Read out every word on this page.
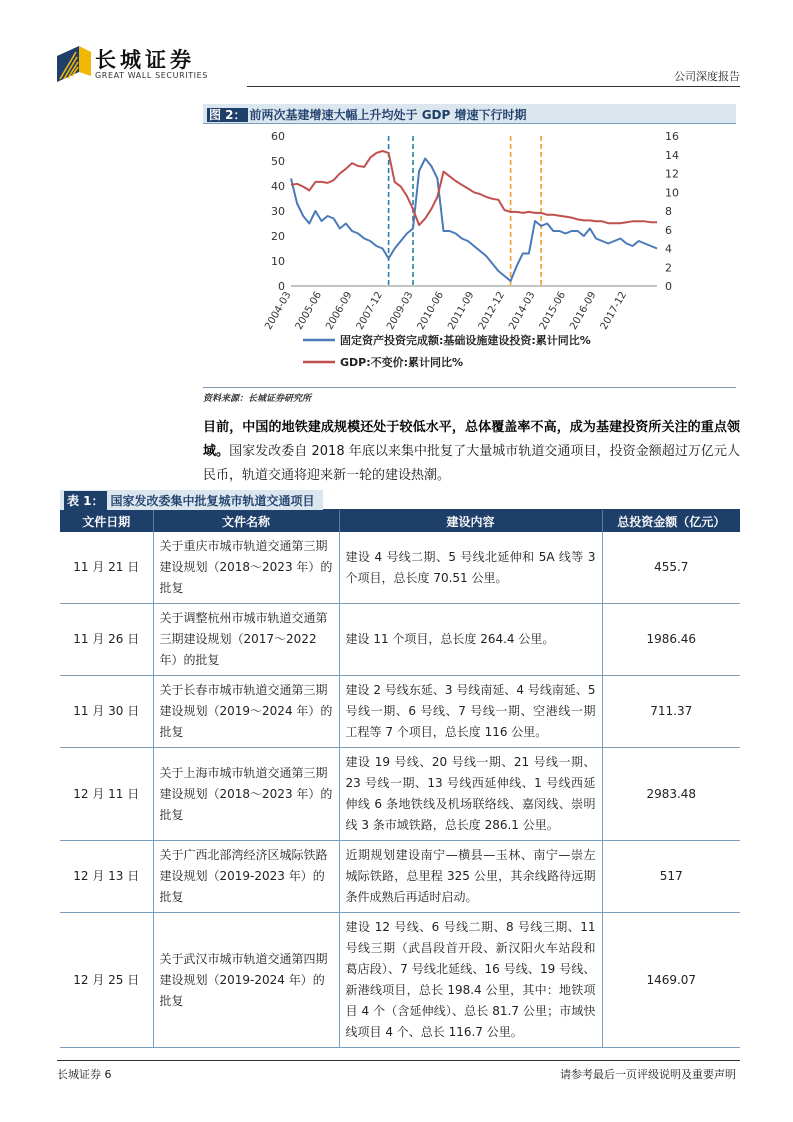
长城证券
GREAT WALL SECURITIES	公司深度报告
图 2： 前两次基建增速大幅上升均处于 GDP 增速下行时期
0
10
20
30
40
50
60
0
2
4
6
8
10
12
14
16
2004-03 2005-06 2006-09 2007-12 2009-03 2010-06 2011-09 2012-12 2014-03 2015-06 2016-09 2017-12
固定资产投资完成额:基础设施建设投资:累计同比%
GDP:不变价:累计同比%
资料来源：长城证券研究所
目前，中国的地铁建成规模还处于较低水平，总体覆盖率不高，成为基建投资所关注的重点领域。国家发改委自 2018 年底以来集中批复了大量城市轨道交通项目，投资金额超过万亿元人民币，轨道交通将迎来新一轮的建设热潮。
表 1： 国家发改委集中批复城市轨道交通项目
文件日期	文件名称	建设内容	总投资金额（亿元）
11 月 21 日	关于重庆市城市轨道交通第三期建设规划（2018～2023 年）的批复	建设 4 号线二期、5 号线北延伸和 5A 线等 3 个项目，总长度 70.51 公里。	455.7
11 月 26 日	关于调整杭州市城市轨道交通第三期建设规划（2017～2022 年）的批复	建设 11 个项目，总长度 264.4 公里。	1986.46
11 月 30 日	关于长春市城市轨道交通第三期建设规划（2019～2024 年）的批复	建设 2 号线东延、3 号线南延、4 号线南延、5 号线一期、6 号线、7 号线一期、空港线一期工程等 7 个项目，总长度 116 公里。	711.37
12 月 11 日	关于上海市城市轨道交通第三期建设规划（2018～2023 年）的批复	建设 19 号线、20 号线一期、21 号线一期、23 号线一期、13 号线西延伸线、1 号线西延伸线 6 条地铁线及机场联络线、嘉闵线、崇明线 3 条市域铁路，总长度 286.1 公里。	2983.48
12 月 13 日	关于广西北部湾经济区城际铁路建设规划（2019-2023 年）的批复	近期规划建设南宁—横县—玉林、南宁—崇左城际铁路，总里程 325 公里，其余线路待远期条件成熟后再适时启动。	517
12 月 25 日	关于武汉市城市轨道交通第四期建设规划（2019-2024 年）的批复	建设 12 号线、6 号线二期、8 号线三期、11 号线三期（武昌段首开段、新汉阳火车站段和葛店段）、7 号线北延线、16 号线、19 号线、新港线项目，总长 198.4 公里，其中：地铁项目 4 个（含延伸线）、总长 81.7 公里；市域快线项目 4 个、总长 116.7 公里。	1469.07
长城证券 6	请参考最后一页评级说明及重要声明
